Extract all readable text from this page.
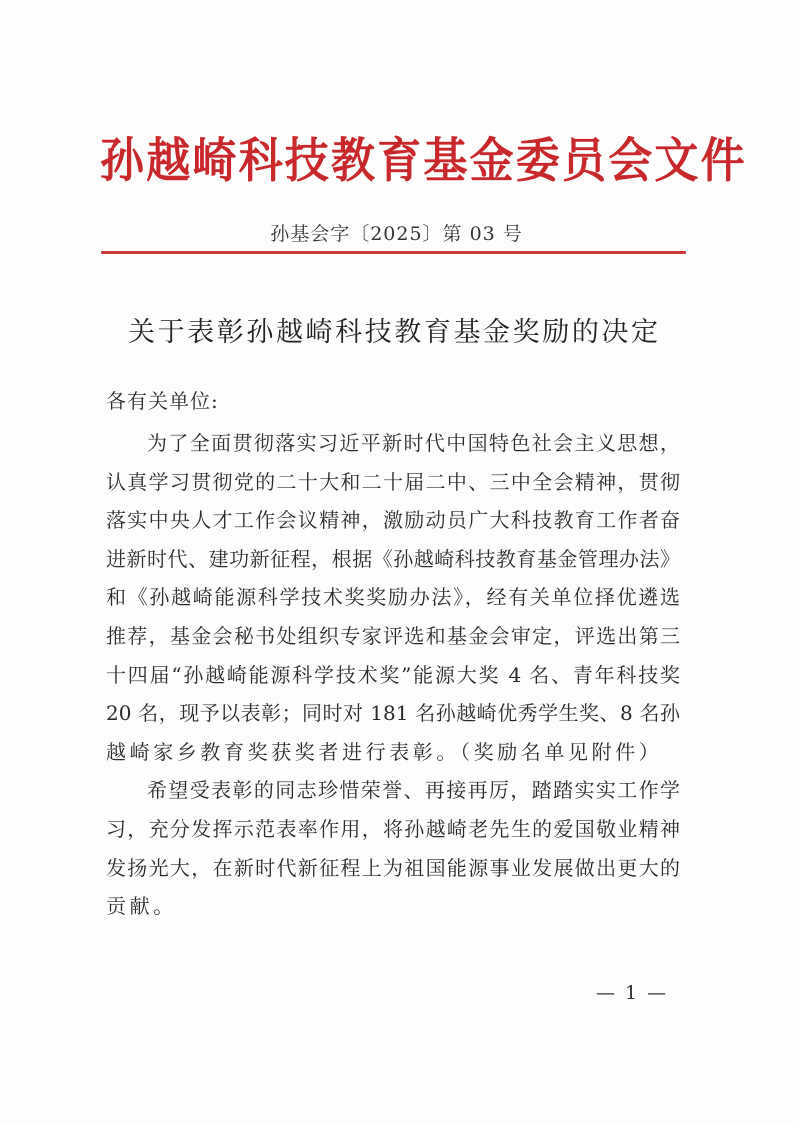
孙越崎科技教育基金委员会文件
孙基会字〔2025〕第 03 号
关于表彰孙越崎科技教育基金奖励的决定
各有关单位:
为了全面贯彻落实习近平新时代中国特色社会主义思想，
认真学习贯彻党的二十大和二十届二中、三中全会精神，贯彻
落实中央人才工作会议精神，激励动员广大科技教育工作者奋
进新时代、建功新征程，根据《孙越崎科技教育基金管理办法》
和《孙越崎能源科学技术奖奖励办法》，经有关单位择优遴选
推荐，基金会秘书处组织专家评选和基金会审定，评选出第三
十四届“孙越崎能源科学技术奖”能源大奖 4 名、青年科技奖
20 名，现予以表彰；同时对 181 名孙越崎优秀学生奖、8 名孙
越崎家乡教育奖获奖者进行表彰。（奖励名单见附件）
希望受表彰的同志珍惜荣誉、再接再厉，踏踏实实工作学
习，充分发挥示范表率作用，将孙越崎老先生的爱国敬业精神
发扬光大，在新时代新征程上为祖国能源事业发展做出更大的
贡献。
— 1 —
